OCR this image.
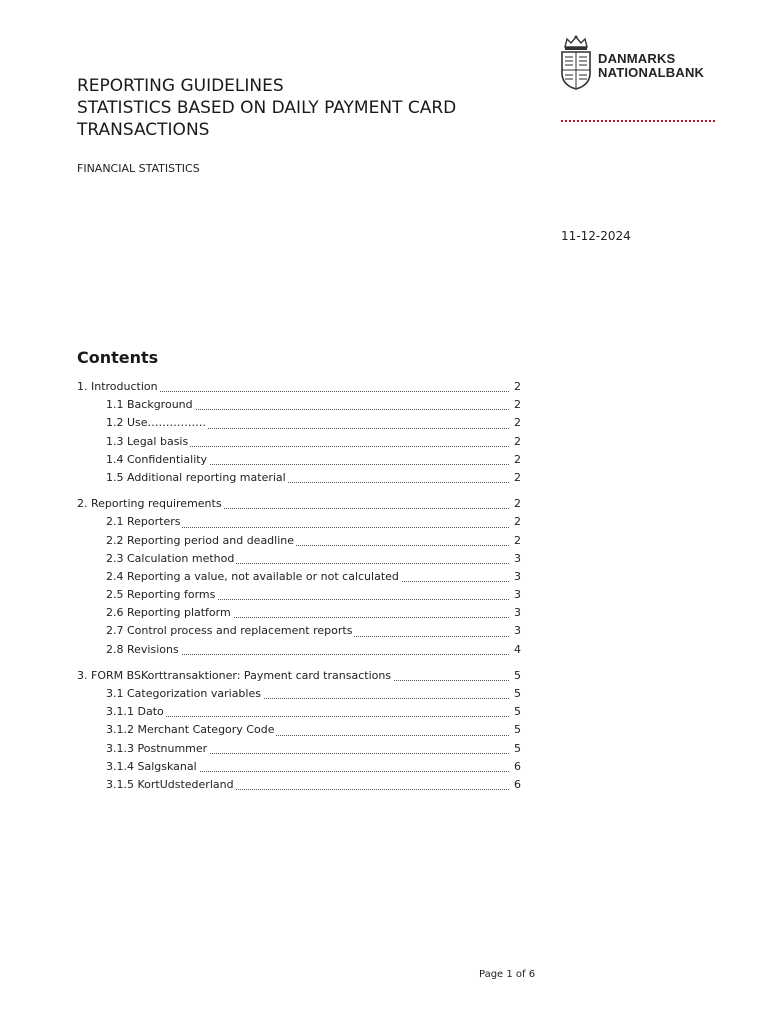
DANMARKS
NATIONALBANK
REPORTING GUIDELINES
STATISTICS BASED ON DAILY PAYMENT CARD
TRANSACTIONS
FINANCIAL STATISTICS
11-12-2024
Contents
1. Introduction	2
1.1 Background	2
1.2 Use…………….	2
1.3 Legal basis	2
1.4 Confidentiality	2
1.5 Additional reporting material	2
2. Reporting requirements	2
2.1 Reporters	2
2.2 Reporting period and deadline	2
2.3 Calculation method	3
2.4 Reporting a value, not available or not calculated	3
2.5 Reporting forms	3
2.6 Reporting platform	3
2.7 Control process and replacement reports	3
2.8 Revisions	4
3. FORM BSKorttransaktioner: Payment card transactions	5
3.1 Categorization variables	5
3.1.1 Dato	5
3.1.2 Merchant Category Code	5
3.1.3 Postnummer	5
3.1.4 Salgskanal	6
3.1.5 KortUdstederland	6
Page 1 of 6
